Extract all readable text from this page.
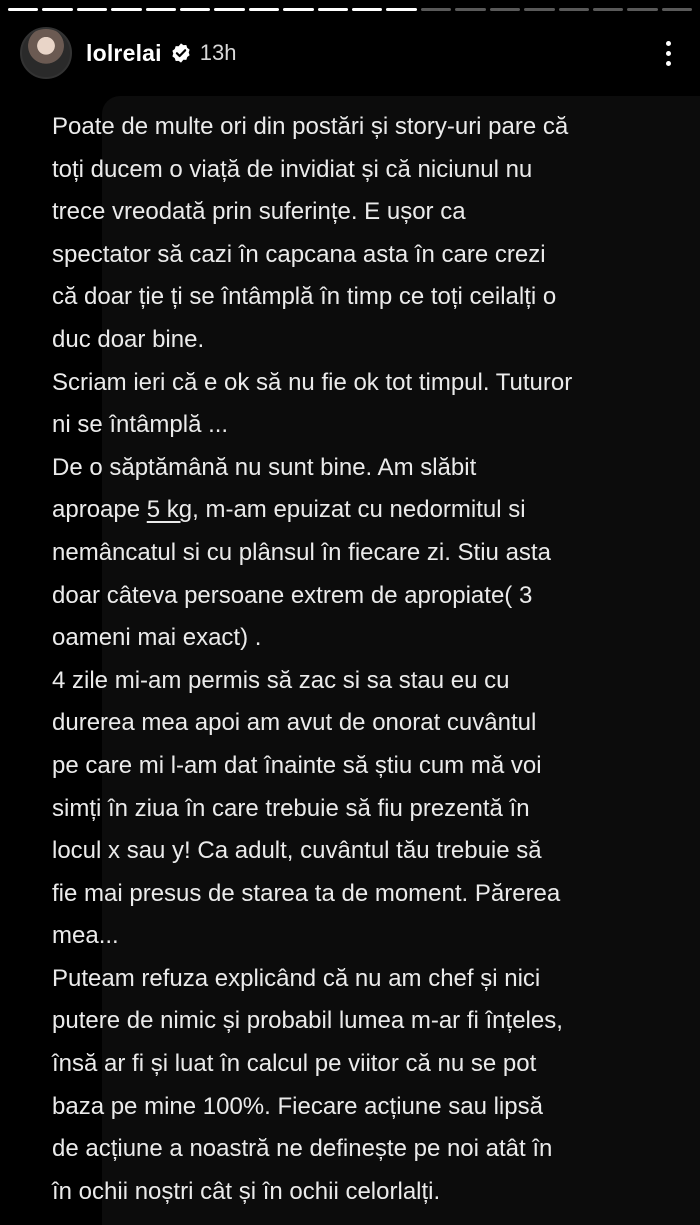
lolrelai 13h

Poate de multe ori din postări și story-uri pare că
toți ducem o viață de invidiat și că niciunul nu
trece vreodată prin suferințe. E ușor ca
spectator să cazi în capcana asta în care crezi
că doar ție ți se întâmplă în timp ce toți ceilalți o
duc doar bine.
Scriam ieri că e ok să nu fie ok tot timpul. Tuturor
ni se întâmplă ...
De o săptămână nu sunt bine. Am slăbit
aproape 5 kg, m-am epuizat cu nedormitul si
nemâncatul si cu plânsul în fiecare zi. Stiu asta
doar câteva persoane extrem de apropiate( 3
oameni mai exact) .
4 zile mi-am permis să zac si sa stau eu cu
durerea mea apoi am avut de onorat cuvântul
pe care mi l-am dat înainte să știu cum mă voi
simți în ziua în care trebuie să fiu prezentă în
locul x sau y! Ca adult, cuvântul tău trebuie să
fie mai presus de starea ta de moment. Părerea
mea...
Puteam refuza explicând că nu am chef și nici
putere de nimic și probabil lumea m-ar fi înțeles,
însă ar fi și luat în calcul pe viitor că nu se pot
baza pe mine 100%. Fiecare acțiune sau lipsă
de acțiune a noastră ne definește pe noi atât în
în ochii noștri cât și în ochii celorlalți.
